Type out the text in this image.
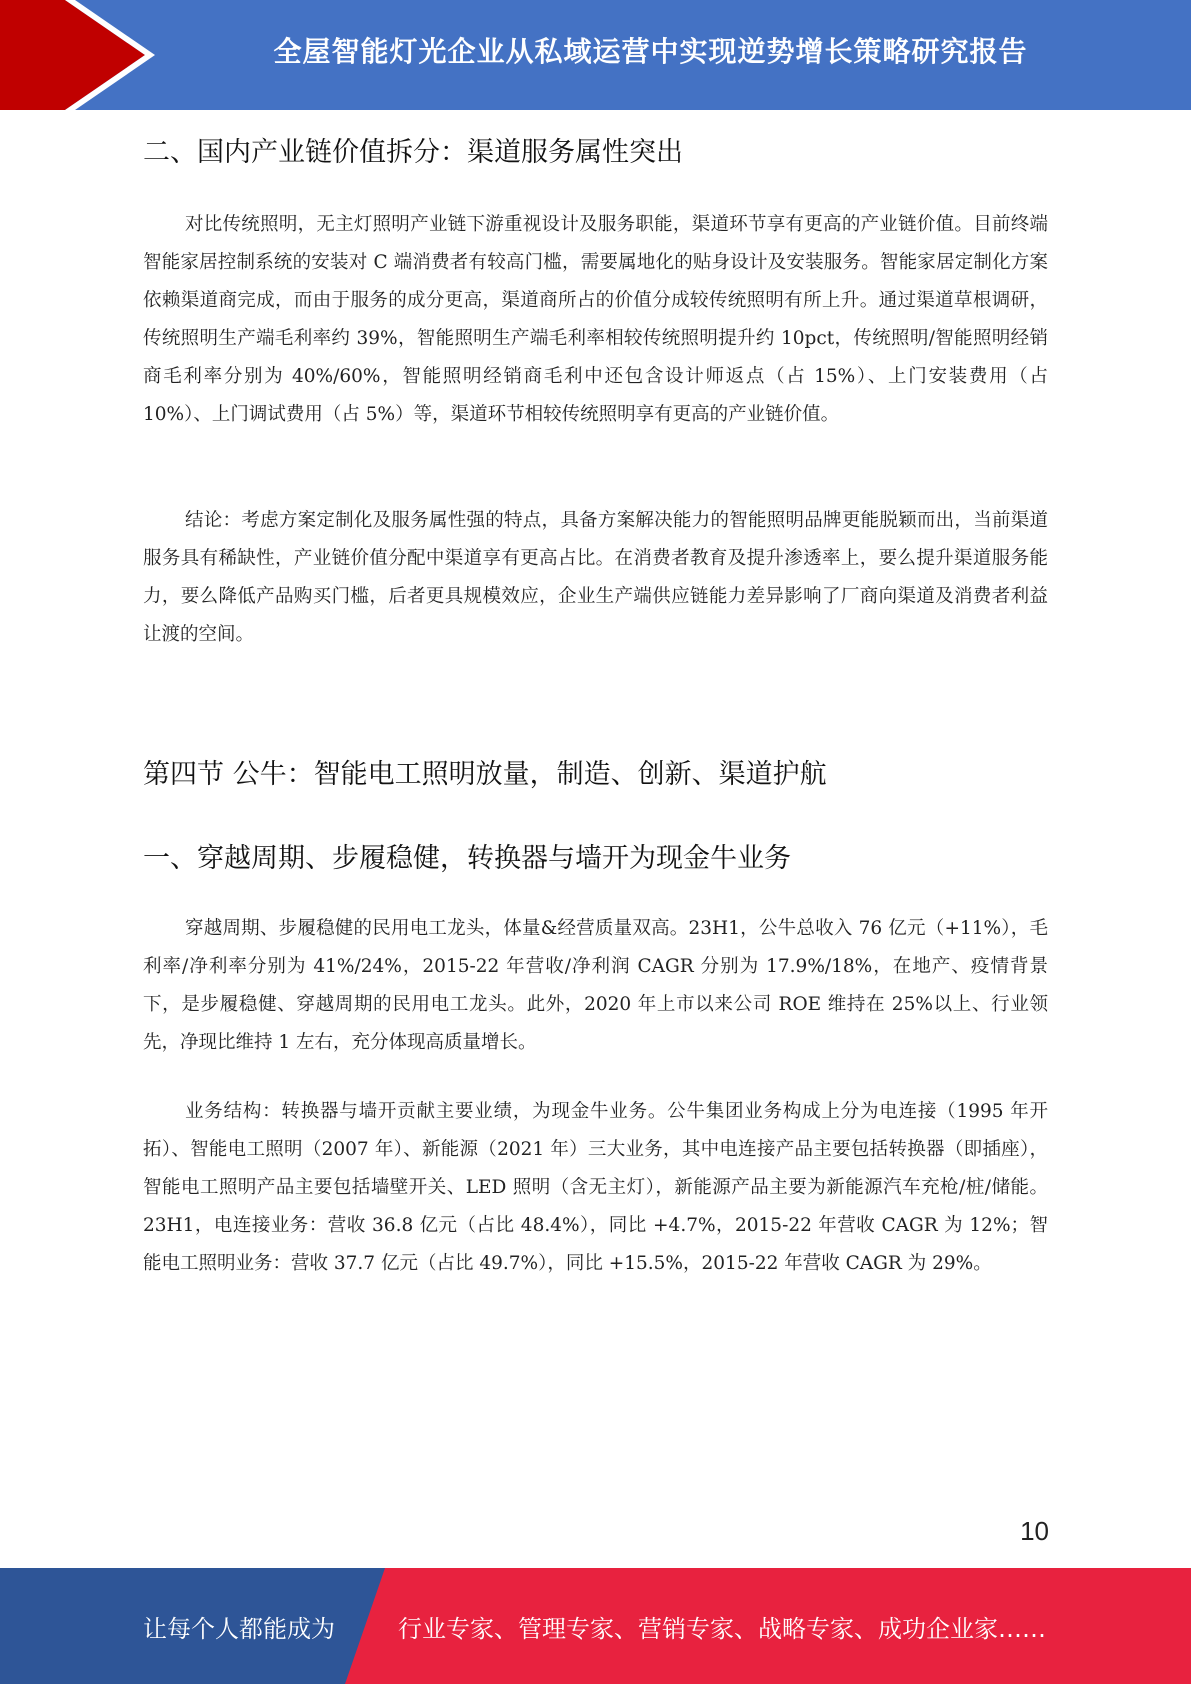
全屋智能灯光企业从私域运营中实现逆势增长策略研究报告
二、国内产业链价值拆分：渠道服务属性突出
对比传统照明，无主灯照明产业链下游重视设计及服务职能，渠道环节享有更高的产业链价值。目前终端智能家居控制系统的安装对 C 端消费者有较高门槛，需要属地化的贴身设计及安装服务。智能家居定制化方案依赖渠道商完成，而由于服务的成分更高，渠道商所占的价值分成较传统照明有所上升。通过渠道草根调研，传统照明生产端毛利率约 39%，智能照明生产端毛利率相较传统照明提升约 10pct，传统照明/智能照明经销商毛利率分别为 40%/60%，智能照明经销商毛利中还包含设计师返点（占 15%）、上门安装费用（占 10%）、上门调试费用（占 5%）等，渠道环节相较传统照明享有更高的产业链价值。
结论：考虑方案定制化及服务属性强的特点，具备方案解决能力的智能照明品牌更能脱颖而出，当前渠道服务具有稀缺性，产业链价值分配中渠道享有更高占比。在消费者教育及提升渗透率上，要么提升渠道服务能力，要么降低产品购买门槛，后者更具规模效应，企业生产端供应链能力差异影响了厂商向渠道及消费者利益让渡的空间。
第四节 公牛：智能电工照明放量，制造、创新、渠道护航
一、穿越周期、步履稳健，转换器与墙开为现金牛业务
穿越周期、步履稳健的民用电工龙头，体量&经营质量双高。23H1，公牛总收入 76 亿元（+11%），毛利率/净利率分别为 41%/24%，2015-22 年营收/净利润 CAGR 分别为 17.9%/18%，在地产、疫情背景下，是步履稳健、穿越周期的民用电工龙头。此外，2020 年上市以来公司 ROE 维持在 25%以上、行业领先，净现比维持 1 左右，充分体现高质量增长。
业务结构：转换器与墙开贡献主要业绩，为现金牛业务。公牛集团业务构成上分为电连接（1995 年开拓）、智能电工照明（2007 年）、新能源（2021 年）三大业务，其中电连接产品主要包括转换器（即插座），智能电工照明产品主要包括墙壁开关、LED 照明（含无主灯），新能源产品主要为新能源汽车充枪/桩/储能。23H1，电连接业务：营收 36.8 亿元（占比 48.4%），同比 +4.7%，2015-22 年营收 CAGR 为 12%；智能电工照明业务：营收 37.7 亿元（占比 49.7%），同比 +15.5%，2015-22 年营收 CAGR 为 29%。
10
让每个人都能成为	行业专家、管理专家、营销专家、战略专家、成功企业家……
